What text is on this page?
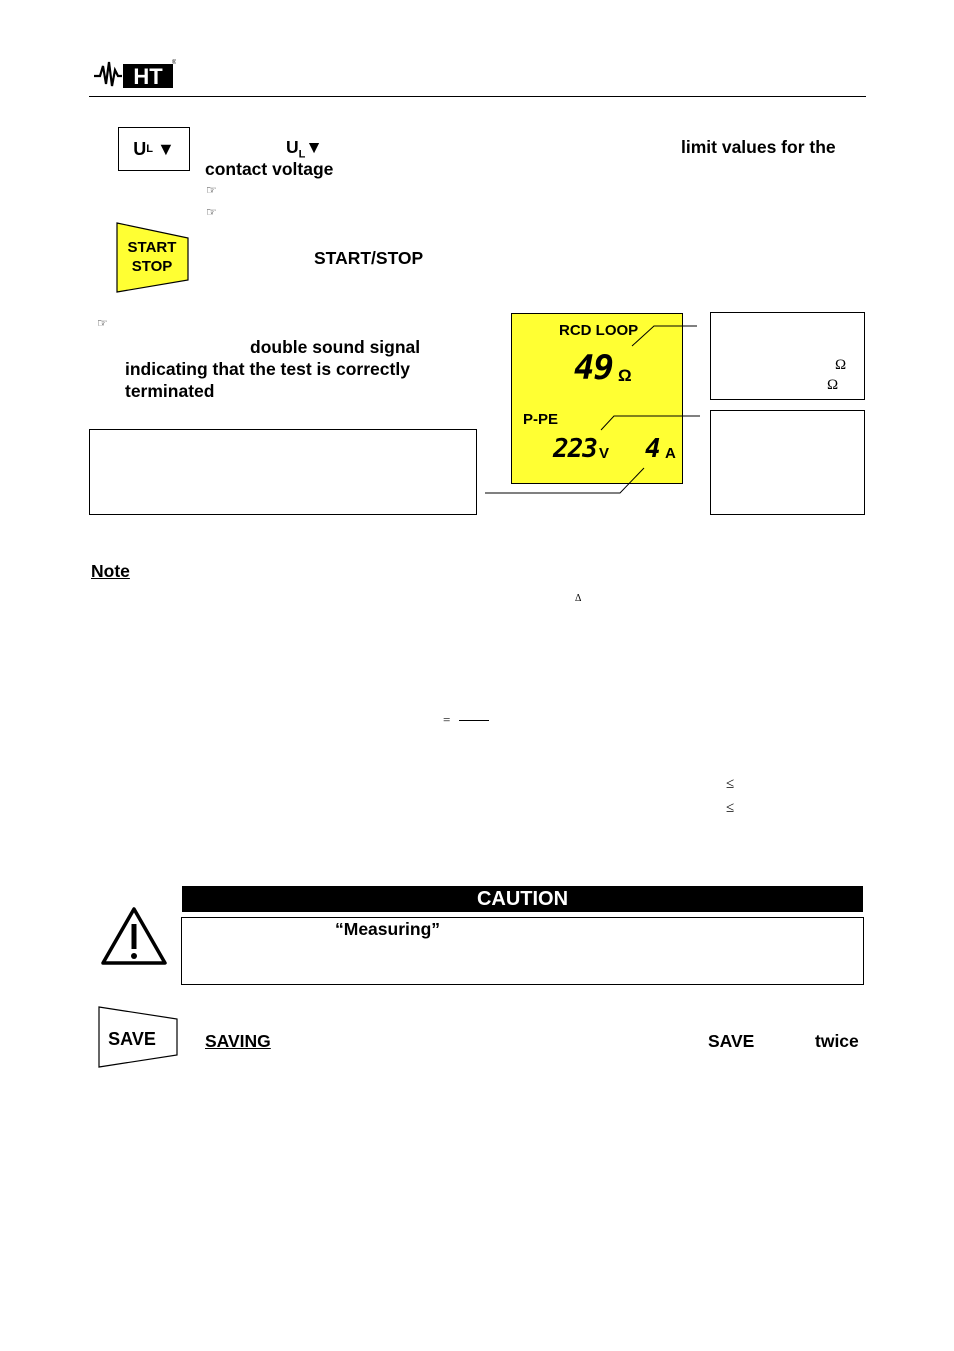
HT
®
U L ▼	$U_L▼$	limit values for the
contact voltage
☞
☞
START
STOP	START/STOP
☞
double sound signal
indicating that the test is correctly
terminated
RCD LOOP
49 Ω
P-PE
223 V 4 A
Ω
Ω
Note
Δ
=
≤
≤
CAUTION
“Measuring”
SAVE	SAVING	SAVE	twice
